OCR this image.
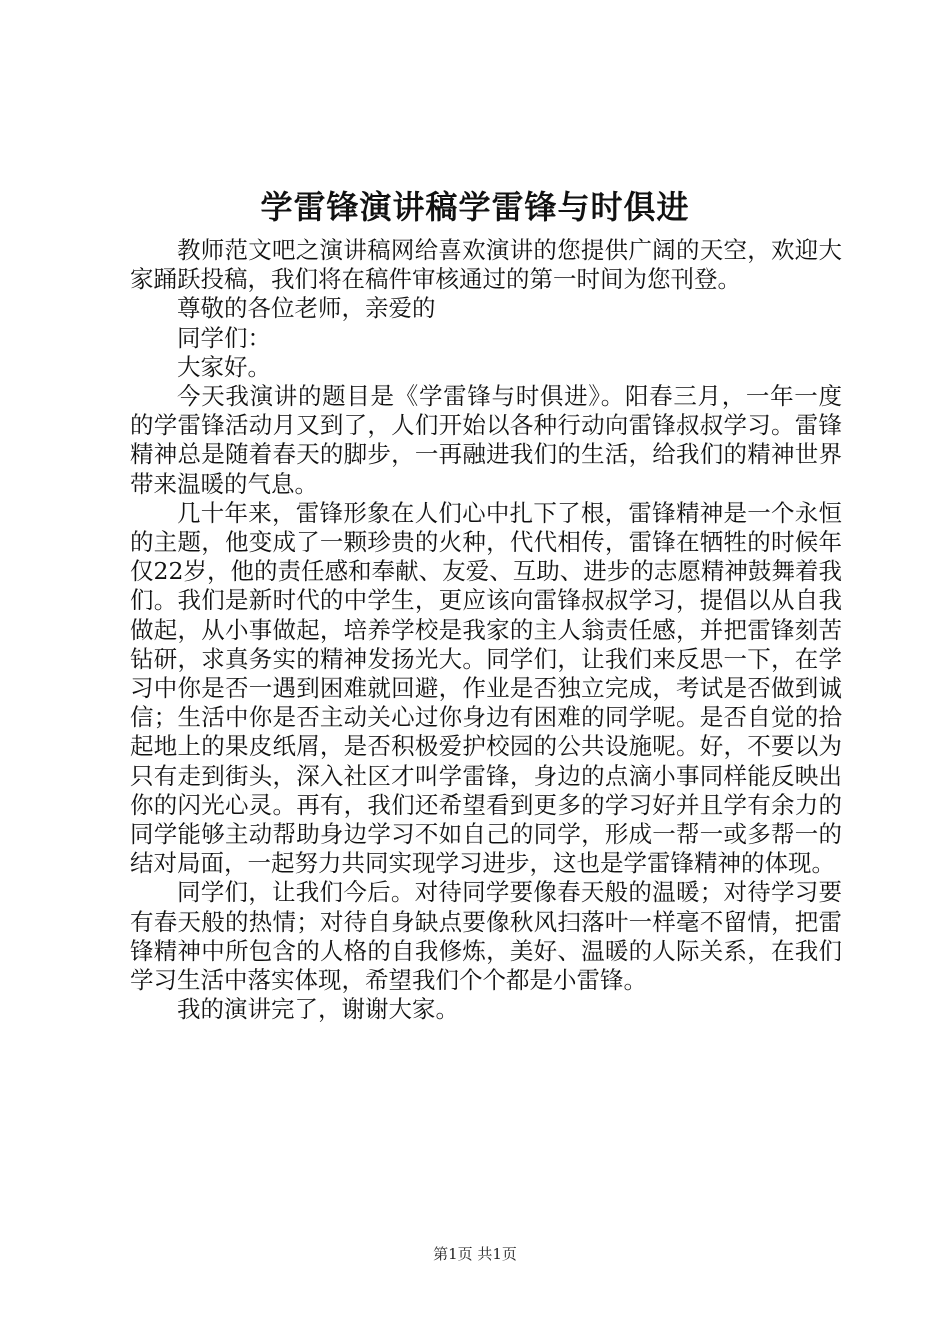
学雷锋演讲稿学雷锋与时俱进

教师范文吧之演讲稿网给喜欢演讲的您提供广阔的天空，欢迎大家踊跃投稿，我们将在稿件审核通过的第一时间为您刊登。

尊敬的各位老师，亲爱的

同学们：

大家好。

今天我演讲的题目是《学雷锋与时俱进》。阳春三月，一年一度的学雷锋活动月又到了，人们开始以各种行动向雷锋叔叔学习。雷锋精神总是随着春天的脚步，一再融进我们的生活，给我们的精神世界带来温暖的气息。

几十年来，雷锋形象在人们心中扎下了根，雷锋精神是一个永恒的主题，他变成了一颗珍贵的火种，代代相传，雷锋在牺牲的时候年仅22岁，他的责任感和奉献、友爱、互助、进步的志愿精神鼓舞着我们。我们是新时代的中学生，更应该向雷锋叔叔学习，提倡以从自我做起，从小事做起，培养学校是我家的主人翁责任感，并把雷锋刻苦钻研，求真务实的精神发扬光大。同学们，让我们来反思一下，在学习中你是否一遇到困难就回避，作业是否独立完成，考试是否做到诚信；生活中你是否主动关心过你身边有困难的同学呢。是否自觉的拾起地上的果皮纸屑，是否积极爱护校园的公共设施呢。好，不要以为只有走到街头，深入社区才叫学雷锋，身边的点滴小事同样能反映出你的闪光心灵。再有，我们还希望看到更多的学习好并且学有余力的同学能够主动帮助身边学习不如自己的同学，形成一帮一或多帮一的结对局面，一起努力共同实现学习进步，这也是学雷锋精神的体现。

同学们，让我们今后。对待同学要像春天般的温暖；对待学习要有春天般的热情；对待自身缺点要像秋风扫落叶一样毫不留情，把雷锋精神中所包含的人格的自我修炼，美好、温暖的人际关系，在我们学习生活中落实体现，希望我们个个都是小雷锋。

我的演讲完了，谢谢大家。

第1页 共1页
